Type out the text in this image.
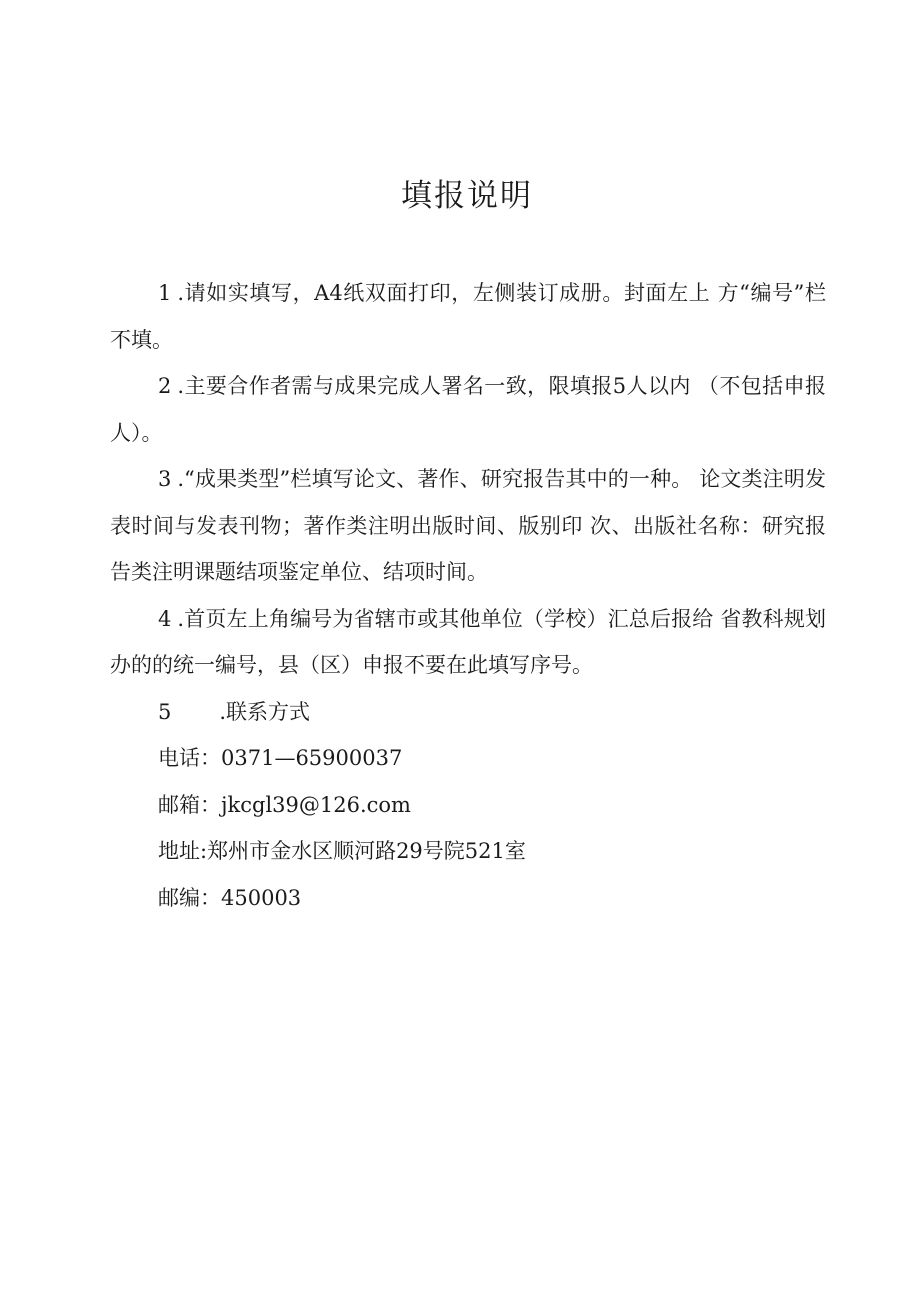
填报说明

1 .请如实填写，A4纸双面打印，左侧装订成册。封面左上 方“编号”栏不填。

2 .主要合作者需与成果完成人署名一致，限填报5人以内 （不包括申报人）。

3 .“成果类型”栏填写论文、著作、研究报告其中的一种。 论文类注明发表时间与发表刊物；著作类注明出版时间、版别印 次、出版社名称：研究报告类注明课题结项鉴定单位、结项时间。

4 .首页左上角编号为省辖市或其他单位（学校）汇总后报给 省教科规划办的的统一编号，县（区）申报不要在此填写序号。

5 .联系方式

电话：0371—65900037

邮箱：jkcgl39@126.com

地址:郑州市金水区顺河路29号院521室

邮编：450003
